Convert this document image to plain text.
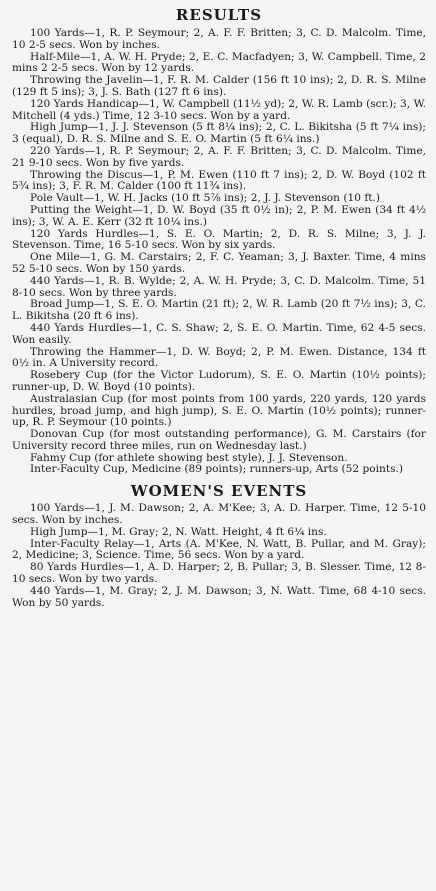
RESULTS

100 Yards—1, R. P. Seymour; 2, A. F. F. Britten; 3, C. D. Malcolm. Time, 10 2-5 secs. Won by inches.

Half-Mile—1, A. W. H. Pryde; 2, E. C. Macfadyen; 3, W. Campbell. Time, 2 mins 2 2-5 secs. Won by 12 yards.

Throwing the Javelin—1, F. R. M. Calder (156 ft 10 ins); 2, D. R. S. Milne (129 ft 5 ins); 3, J. S. Bath (127 ft 6 ins).

120 Yards Handicap—1, W. Campbell (11½ yd); 2, W. R. Lamb (scr.); 3, W. Mitchell (4 yds.) Time, 12 3-10 secs. Won by a yard.

High Jump—1, J. J. Stevenson (5 ft 8¼ ins); 2, C. L. Bikitsha (5 ft 7¼ ins); 3 (equal), D. R. S. Milne and S. E. O. Martin (5 ft 6¼ ins.)

220 Yards—1, R. P. Seymour; 2, A. F. F. Britten; 3, C. D. Malcolm. Time, 21 9-10 secs. Won by five yards.

Throwing the Discus—1, P. M. Ewen (110 ft 7 ins); 2, D. W. Boyd (102 ft 5¾ ins); 3, F. R. M. Calder (100 ft 11¾ ins).

Pole Vault—1, W. H. Jacks (10 ft 5⅞ ins); 2, J. J. Stevenson (10 ft.)

Putting the Weight—1, D. W. Boyd (35 ft 0½ in); 2, P. M. Ewen (34 ft 4½ ins); 3, W. A. E. Kerr (32 ft 10¼ ins.)

120 Yards Hurdles—1, S. E. O. Martin; 2, D. R. S. Milne; 3, J. J. Stevenson. Time, 16 5-10 secs. Won by six yards.

One Mile—1, G. M. Carstairs; 2, F. C. Yeaman; 3, J. Baxter. Time, 4 mins 52 5-10 secs. Won by 150 yards.

440 Yards—1, R. B. Wylde; 2, A. W. H. Pryde; 3, C. D. Malcolm. Time, 51 8-10 secs. Won by three yards.

Broad Jump—1, S. E. O. Martin (21 ft); 2, W. R. Lamb (20 ft 7½ ins); 3, C. L. Bikitsha (20 ft 6 ins).

440 Yards Hurdles—1, C. S. Shaw; 2, S. E. O. Martin. Time, 62 4-5 secs. Won easily.

Throwing the Hammer—1, D. W. Boyd; 2, P. M. Ewen. Distance, 134 ft 0½ in. A University record.

Rosebery Cup (for the Victor Ludorum), S. E. O. Martin (10½ points); runner-up, D. W. Boyd (10 points).

Australasian Cup (for most points from 100 yards, 220 yards, 120 yards hurdles, broad jump, and high jump), S. E. O. Martin (10½ points); runner-up, R. P. Seymour (10 points.)

Donovan Cup (for most outstanding performance), G. M. Carstairs (for University record three miles, run on Wednesday last.)

Fahmy Cup (for athlete showing best style), J. J. Stevenson.

Inter-Faculty Cup, Medicine (89 points); runners-up, Arts (52 points.)

WOMEN'S EVENTS

100 Yards—1, J. M. Dawson; 2, A. M'Kee; 3, A. D. Harper. Time, 12 5-10 secs. Won by inches.

High Jump—1, M. Gray; 2, N. Watt. Height, 4 ft 6¼ ins.

Inter-Faculty Relay—1, Arts (A. M'Kee, N. Watt, B. Pullar, and M. Gray); 2, Medicine; 3, Science. Time, 56 secs. Won by a yard.

80 Yards Hurdles—1, A. D. Harper; 2, B. Pullar; 3, B. Slesser. Time, 12 8-10 secs. Won by two yards.

440 Yards—1, M. Gray; 2, J. M. Dawson; 3, N. Watt. Time, 68 4-10 secs. Won by 50 yards.
